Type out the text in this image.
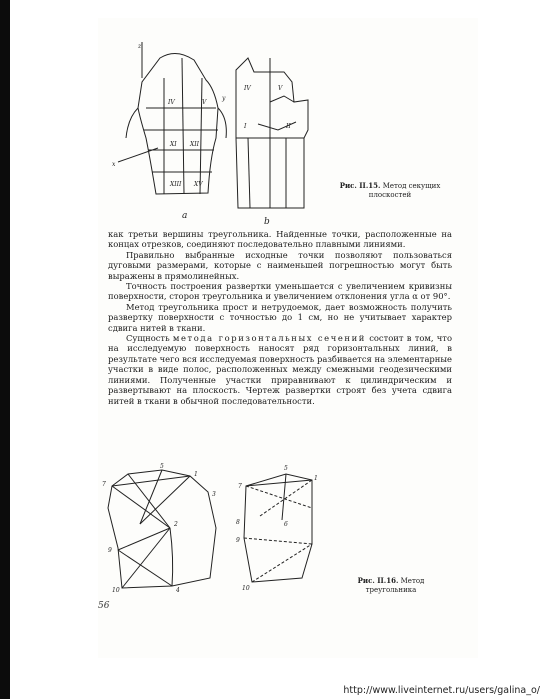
z
y
x
IV	V
XI XII
XIII XV
а
IV	V
I	II
b
Рис. II.15. Метод секущих плоскостей

как третьи вершины треугольника. Найденные точки, расположенные на концах отрезков, соединяют последовательно плавными линиями.

Правильно выбранные исходные точки позволяют пользоваться дуговыми размерами, которые с наименьшей погрешностью могут быть выражены в прямолинейных.

Точность построения развертки уменьшается с увеличением кривизны поверхности, сторон треугольника и увеличением отклонения угла α от 90°.

Метод треугольника прост и нетрудоемок, дает возможность получить развертку поверхности с точностью до 1 см, но не учитывает характер сдвига нитей в ткани.

Сущность метода горизонтальных сечений состоит в том, что на исследуемую поверхность наносят ряд горизонтальных линий, в результате чего вся исследуемая поверхность разбивается на элементарные участки в виде полос, расположенных между смежными геодезическими линиями. Полученные участки приравнивают к цилиндрическим и развертывают на плоскость. Чертеж развертки строят без учета сдвига нитей в ткани в обычной последовательности.

7
5
1
3
2
9
10	4
7
5
1
8	6
9
10
Рис. II.16. Метод треугольника
56
http://www.liveinternet.ru/users/galina_o/
